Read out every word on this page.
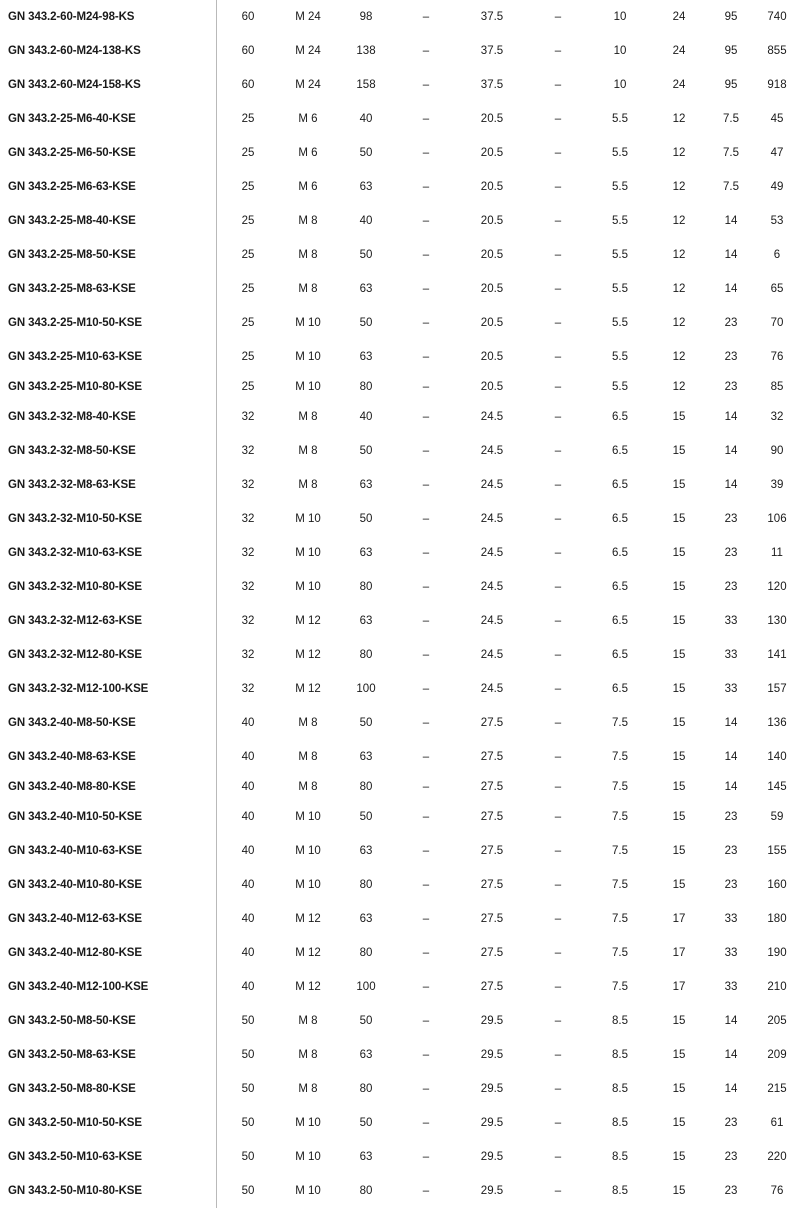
GN 343.2-60-M24-98-KS	60	M 24	98	–	37.5	–	10	24	95	740
GN 343.2-60-M24-138-KS	60	M 24	138	–	37.5	–	10	24	95	855
GN 343.2-60-M24-158-KS	60	M 24	158	–	37.5	–	10	24	95	918
GN 343.2-25-M6-40-KSE	25	M 6	40	–	20.5	–	5.5	12	7.5	45
GN 343.2-25-M6-50-KSE	25	M 6	50	–	20.5	–	5.5	12	7.5	47
GN 343.2-25-M6-63-KSE	25	M 6	63	–	20.5	–	5.5	12	7.5	49
GN 343.2-25-M8-40-KSE	25	M 8	40	–	20.5	–	5.5	12	14	53
GN 343.2-25-M8-50-KSE	25	M 8	50	–	20.5	–	5.5	12	14	6
GN 343.2-25-M8-63-KSE	25	M 8	63	–	20.5	–	5.5	12	14	65
GN 343.2-25-M10-50-KSE	25	M 10	50	–	20.5	–	5.5	12	23	70
GN 343.2-25-M10-63-KSE	25	M 10	63	–	20.5	–	5.5	12	23	76
GN 343.2-25-M10-80-KSE	25	M 10	80	–	20.5	–	5.5	12	23	85
GN 343.2-32-M8-40-KSE	32	M 8	40	–	24.5	–	6.5	15	14	32
GN 343.2-32-M8-50-KSE	32	M 8	50	–	24.5	–	6.5	15	14	90
GN 343.2-32-M8-63-KSE	32	M 8	63	–	24.5	–	6.5	15	14	39
GN 343.2-32-M10-50-KSE	32	M 10	50	–	24.5	–	6.5	15	23	106
GN 343.2-32-M10-63-KSE	32	M 10	63	–	24.5	–	6.5	15	23	11
GN 343.2-32-M10-80-KSE	32	M 10	80	–	24.5	–	6.5	15	23	120
GN 343.2-32-M12-63-KSE	32	M 12	63	–	24.5	–	6.5	15	33	130
GN 343.2-32-M12-80-KSE	32	M 12	80	–	24.5	–	6.5	15	33	141
GN 343.2-32-M12-100-KSE	32	M 12	100	–	24.5	–	6.5	15	33	157
GN 343.2-40-M8-50-KSE	40	M 8	50	–	27.5	–	7.5	15	14	136
GN 343.2-40-M8-63-KSE	40	M 8	63	–	27.5	–	7.5	15	14	140
GN 343.2-40-M8-80-KSE	40	M 8	80	–	27.5	–	7.5	15	14	145
GN 343.2-40-M10-50-KSE	40	M 10	50	–	27.5	–	7.5	15	23	59
GN 343.2-40-M10-63-KSE	40	M 10	63	–	27.5	–	7.5	15	23	155
GN 343.2-40-M10-80-KSE	40	M 10	80	–	27.5	–	7.5	15	23	160
GN 343.2-40-M12-63-KSE	40	M 12	63	–	27.5	–	7.5	17	33	180
GN 343.2-40-M12-80-KSE	40	M 12	80	–	27.5	–	7.5	17	33	190
GN 343.2-40-M12-100-KSE	40	M 12	100	–	27.5	–	7.5	17	33	210
GN 343.2-50-M8-50-KSE	50	M 8	50	–	29.5	–	8.5	15	14	205
GN 343.2-50-M8-63-KSE	50	M 8	63	–	29.5	–	8.5	15	14	209
GN 343.2-50-M8-80-KSE	50	M 8	80	–	29.5	–	8.5	15	14	215
GN 343.2-50-M10-50-KSE	50	M 10	50	–	29.5	–	8.5	15	23	61
GN 343.2-50-M10-63-KSE	50	M 10	63	–	29.5	–	8.5	15	23	220
GN 343.2-50-M10-80-KSE	50	M 10	80	–	29.5	–	8.5	15	23	76
